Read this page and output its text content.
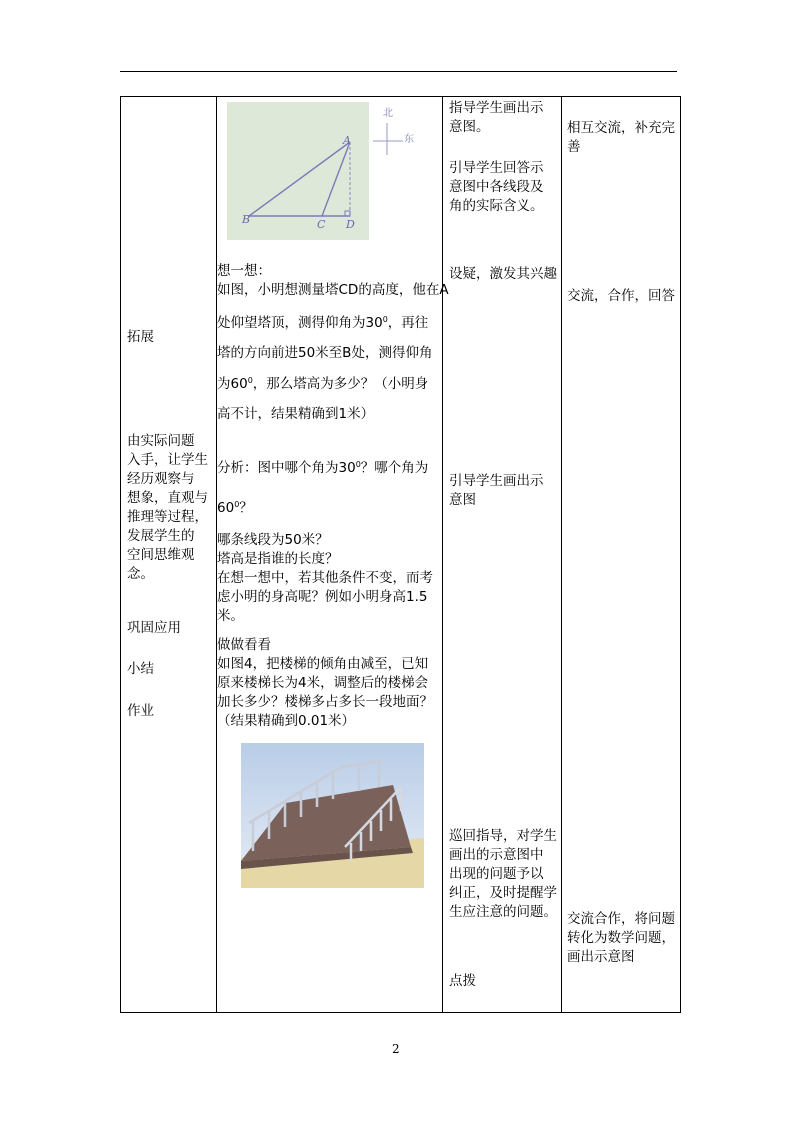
拓展
由实际问题
入手，让学生
经历观察与
想象，直观与
推理等过程，
发展学生的
空间思维观
念。
巩固应用
小结
作业
B	C D
A
北
东
想一想：
如图，小明想测量塔CD的高度，他在A
处仰望塔顶，测得仰角为$30^0$，再往
塔的方向前进50米至B处，测得仰角
为$60^0$，那么塔高为多少？（小明身
高不计，结果精确到1米）
分析：图中哪个角为$30^0$？哪个角为
$60^0$？
哪条线段为50米？
塔高是指谁的长度？
在想一想中，若其他条件不变，而考
虑小明的身高呢？例如小明身高1.5
米。
做做看看
如图4，把楼梯的倾角由减至，已知
原来楼梯长为4米，调整后的楼梯会
加长多少？楼梯多占多长一段地面？
（结果精确到0.01米）
指导学生画出示
意图。
引导学生回答示
意图中各线段及
角的实际含义。
设疑，激发其兴趣
引导学生画出示
意图
巡回指导，对学生
画出的示意图中
出现的问题予以
纠正，及时提醒学
生应注意的问题。
点拨
相互交流，补充完
善
交流，合作，回答
交流合作，将问题
转化为数学问题，
画出示意图
2
